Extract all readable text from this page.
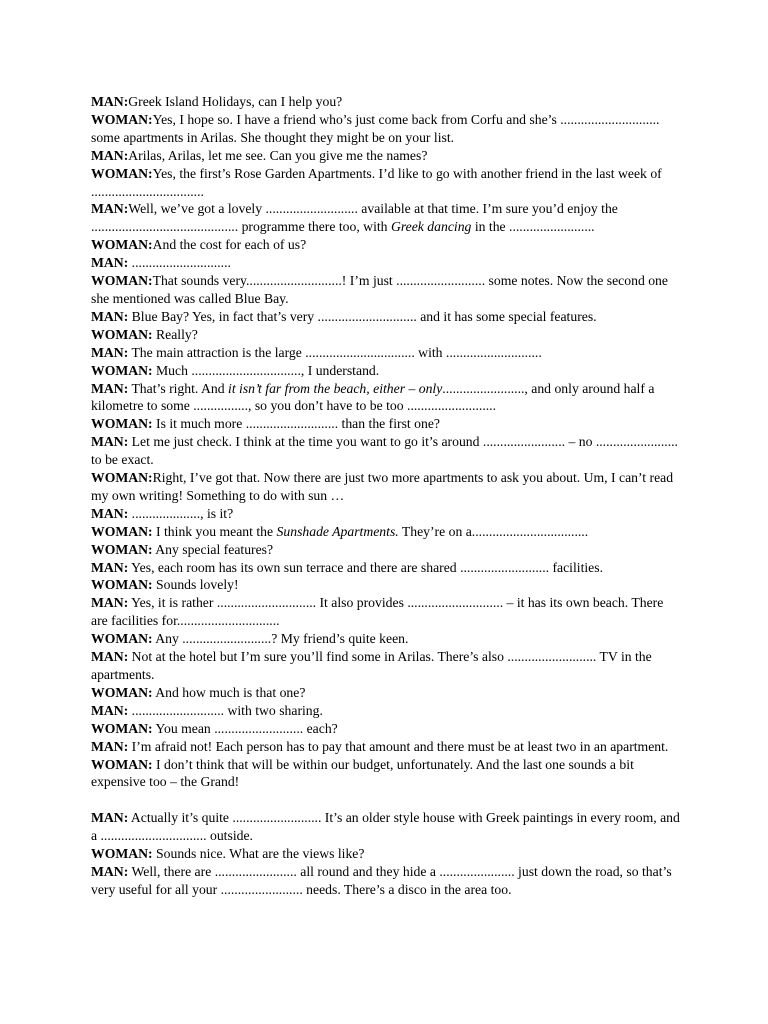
MAN:Greek Island Holidays, can I help you?

WOMAN:Yes, I hope so. I have a friend who’s just come back from Corfu and she’s ............................. some apartments in Arilas. She thought they might be on your list.

MAN:Arilas, Arilas, let me see. Can you give me the names?

WOMAN:Yes, the first’s Rose Garden Apartments. I’d like to go with another friend in the last week of .................................

MAN:Well, we’ve got a lovely ........................... available at that time. I’m sure you’d enjoy the ........................................... programme there too, with Greek dancing in the .........................

WOMAN:And the cost for each of us?

MAN: .............................

WOMAN:That sounds very............................! I’m just .......................... some notes. Now the second one she mentioned was called Blue Bay.

MAN: Blue Bay? Yes, in fact that’s very ............................. and it has some special features.

WOMAN: Really?

MAN: The main attraction is the large ................................ with ............................

WOMAN: Much ................................, I understand.

MAN: That’s right. And it isn’t far from the beach, either – only........................, and only around half a kilometre to some ................, so you don’t have to be too ..........................

WOMAN: Is it much more ........................... than the first one?

MAN: Let me just check. I think at the time you want to go it’s around ........................ – no ........................ to be exact.

WOMAN:Right, I’ve got that. Now there are just two more apartments to ask you about. Um, I can’t read my own writing! Something to do with sun …

MAN: ...................., is it?

WOMAN: I think you meant the Sunshade Apartments. They’re on a..................................

WOMAN: Any special features?

MAN: Yes, each room has its own sun terrace and there are shared .......................... facilities.

WOMAN: Sounds lovely!

MAN: Yes, it is rather ............................. It also provides ............................ – it has its own beach. There are facilities for..............................

WOMAN: Any ..........................? My friend’s quite keen.

MAN: Not at the hotel but I’m sure you’ll find some in Arilas. There’s also .......................... TV in the apartments.

WOMAN: And how much is that one?

MAN: ........................... with two sharing.

WOMAN: You mean .......................... each?

MAN: I’m afraid not! Each person has to pay that amount and there must be at least two in an apartment.

WOMAN: I don’t think that will be within our budget, unfortunately. And the last one sounds a bit expensive too – the Grand!

MAN: Actually it’s quite .......................... It’s an older style house with Greek paintings in every room, and a ............................... outside.

WOMAN: Sounds nice. What are the views like?

MAN: Well, there are ........................ all round and they hide a ...................... just down the road, so that’s very useful for all your ........................ needs. There’s a disco in the area too.
